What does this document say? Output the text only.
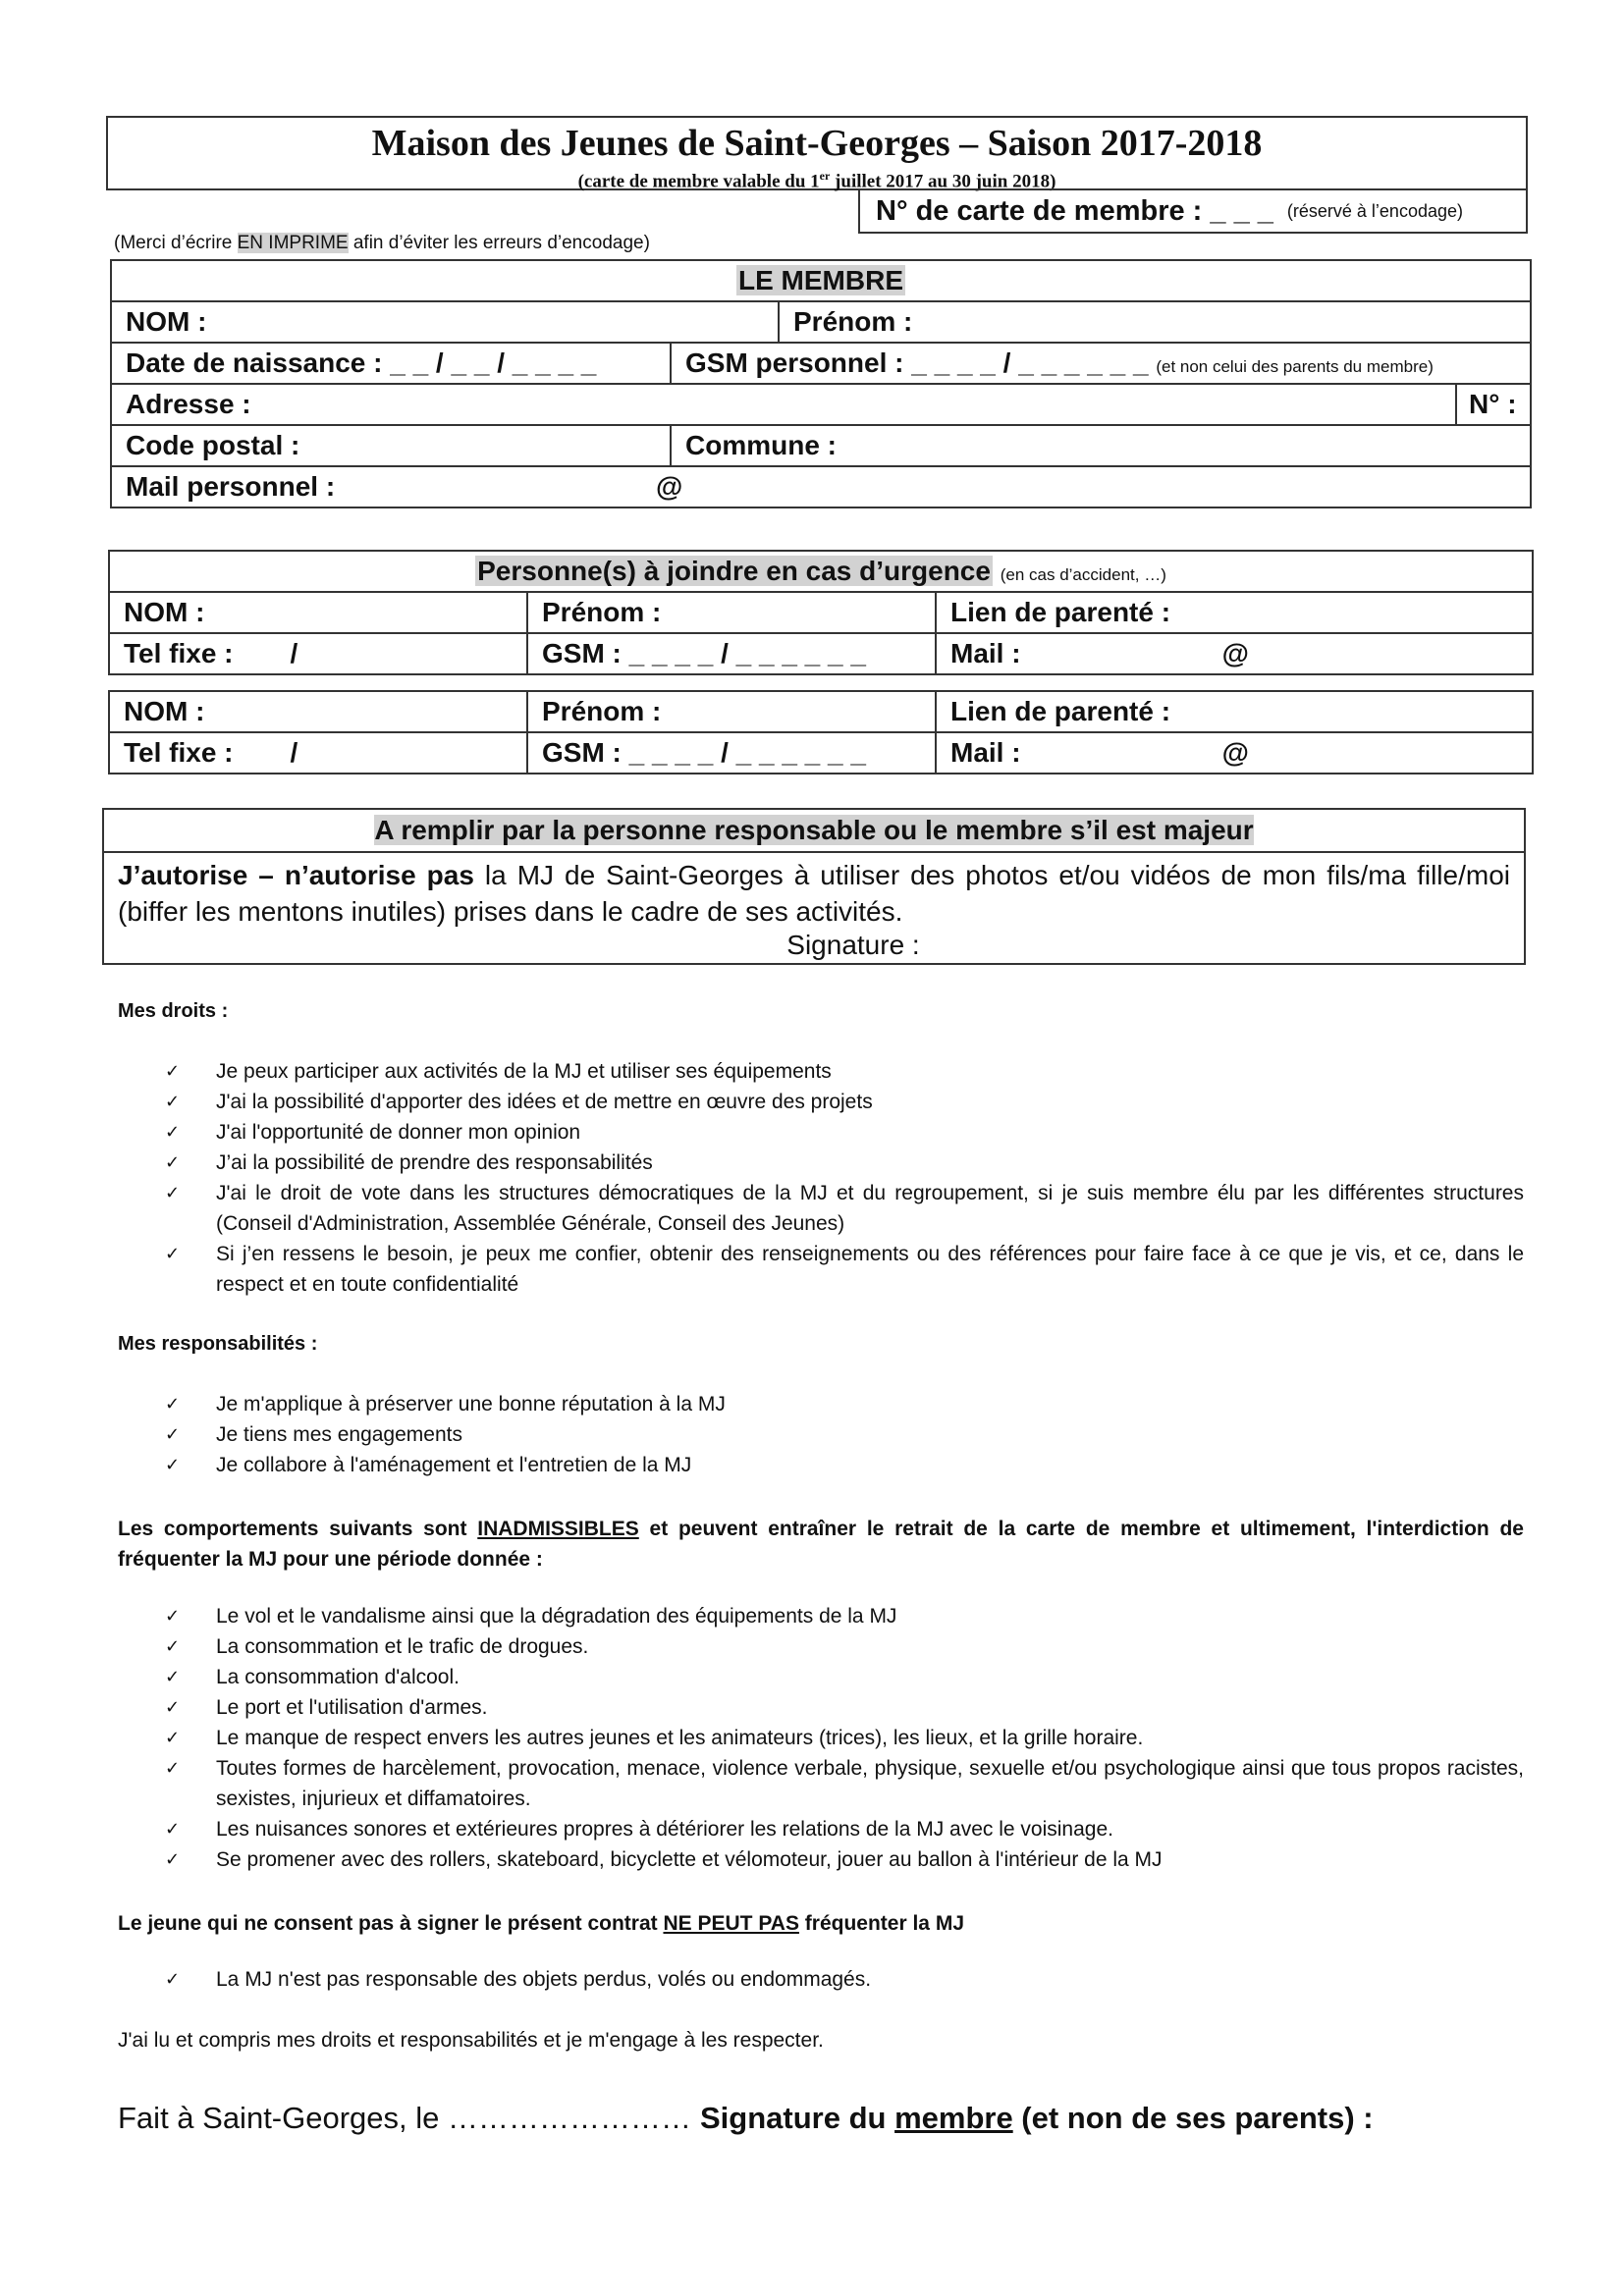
Maison des Jeunes de Saint-Georges – Saison 2017-2018
(carte de membre valable du 1er juillet 2017 au 30 juin 2018)
N° de carte de membre : _ _ _ (réservé à l’encodage)
(Merci d’écrire EN IMPRIME afin d’éviter les erreurs d’encodage)
LE MEMBRE			
NOM :		Prénom :	
Date de naissance : _ _ / _ _ / _ _ _ _	GSM personnel : _ _ _ _ / _ _ _ _ _ _ (et non celui des parents du membre)		
Adresse :			N° :
Code postal :	Commune :		
Mail personnel : @			
Personne(s) à joindre en cas d’urgence (en cas d’accident, …)		
NOM :	Prénom :	Lien de parenté :
Tel fixe : /	GSM : _ _ _ _ / _ _ _ _ _ _	Mail : @
NOM :	Prénom :	Lien de parenté :
Tel fixe : /	GSM : _ _ _ _ / _ _ _ _ _ _	Mail : @
A remplir par la personne responsable ou le membre s’il est majeur
J’autorise – n’autorise pas la MJ de Saint-Georges à utiliser des photos et/ou vidéos de mon fils/ma fille/moi (biffer les mentons inutiles) prises dans le cadre de ses activités.
Signature :
Mes droits :
✓ Je peux participer aux activités de la MJ et utiliser ses équipements
✓ J'ai la possibilité d'apporter des idées et de mettre en œuvre des projets
✓ J'ai l'opportunité de donner mon opinion
✓ J’ai la possibilité de prendre des responsabilités
✓ J'ai le droit de vote dans les structures démocratiques de la MJ et du regroupement, si je suis membre élu par les différentes structures (Conseil d'Administration, Assemblée Générale, Conseil des Jeunes)
✓ Si j’en ressens le besoin, je peux me confier, obtenir des renseignements ou des références pour faire face à ce que je vis, et ce, dans le respect et en toute confidentialité
Mes responsabilités :
✓ Je m'applique à préserver une bonne réputation à la MJ
✓ Je tiens mes engagements
✓ Je collabore à l'aménagement et l'entretien de la MJ
Les comportements suivants sont INADMISSIBLES et peuvent entraîner le retrait de la carte de membre et ultimement, l'interdiction de fréquenter la MJ pour une période donnée :
✓ Le vol et le vandalisme ainsi que la dégradation des équipements de la MJ
✓ La consommation et le trafic de drogues.
✓ La consommation d'alcool.
✓ Le port et l'utilisation d'armes.
✓ Le manque de respect envers les autres jeunes et les animateurs (trices), les lieux, et la grille horaire.
✓ Toutes formes de harcèlement, provocation, menace, violence verbale, physique, sexuelle et/ou psychologique ainsi que tous propos racistes, sexistes, injurieux et diffamatoires.
✓ Les nuisances sonores et extérieures propres à détériorer les relations de la MJ avec le voisinage.
✓ Se promener avec des rollers, skateboard, bicyclette et vélomoteur, jouer au ballon à l'intérieur de la MJ
Le jeune qui ne consent pas à signer le présent contrat NE PEUT PAS fréquenter la MJ
✓ La MJ n'est pas responsable des objets perdus, volés ou endommagés.
J'ai lu et compris mes droits et responsabilités et je m'engage à les respecter.
Fait à Saint-Georges, le …………………… Signature du membre (et non de ses parents) :
